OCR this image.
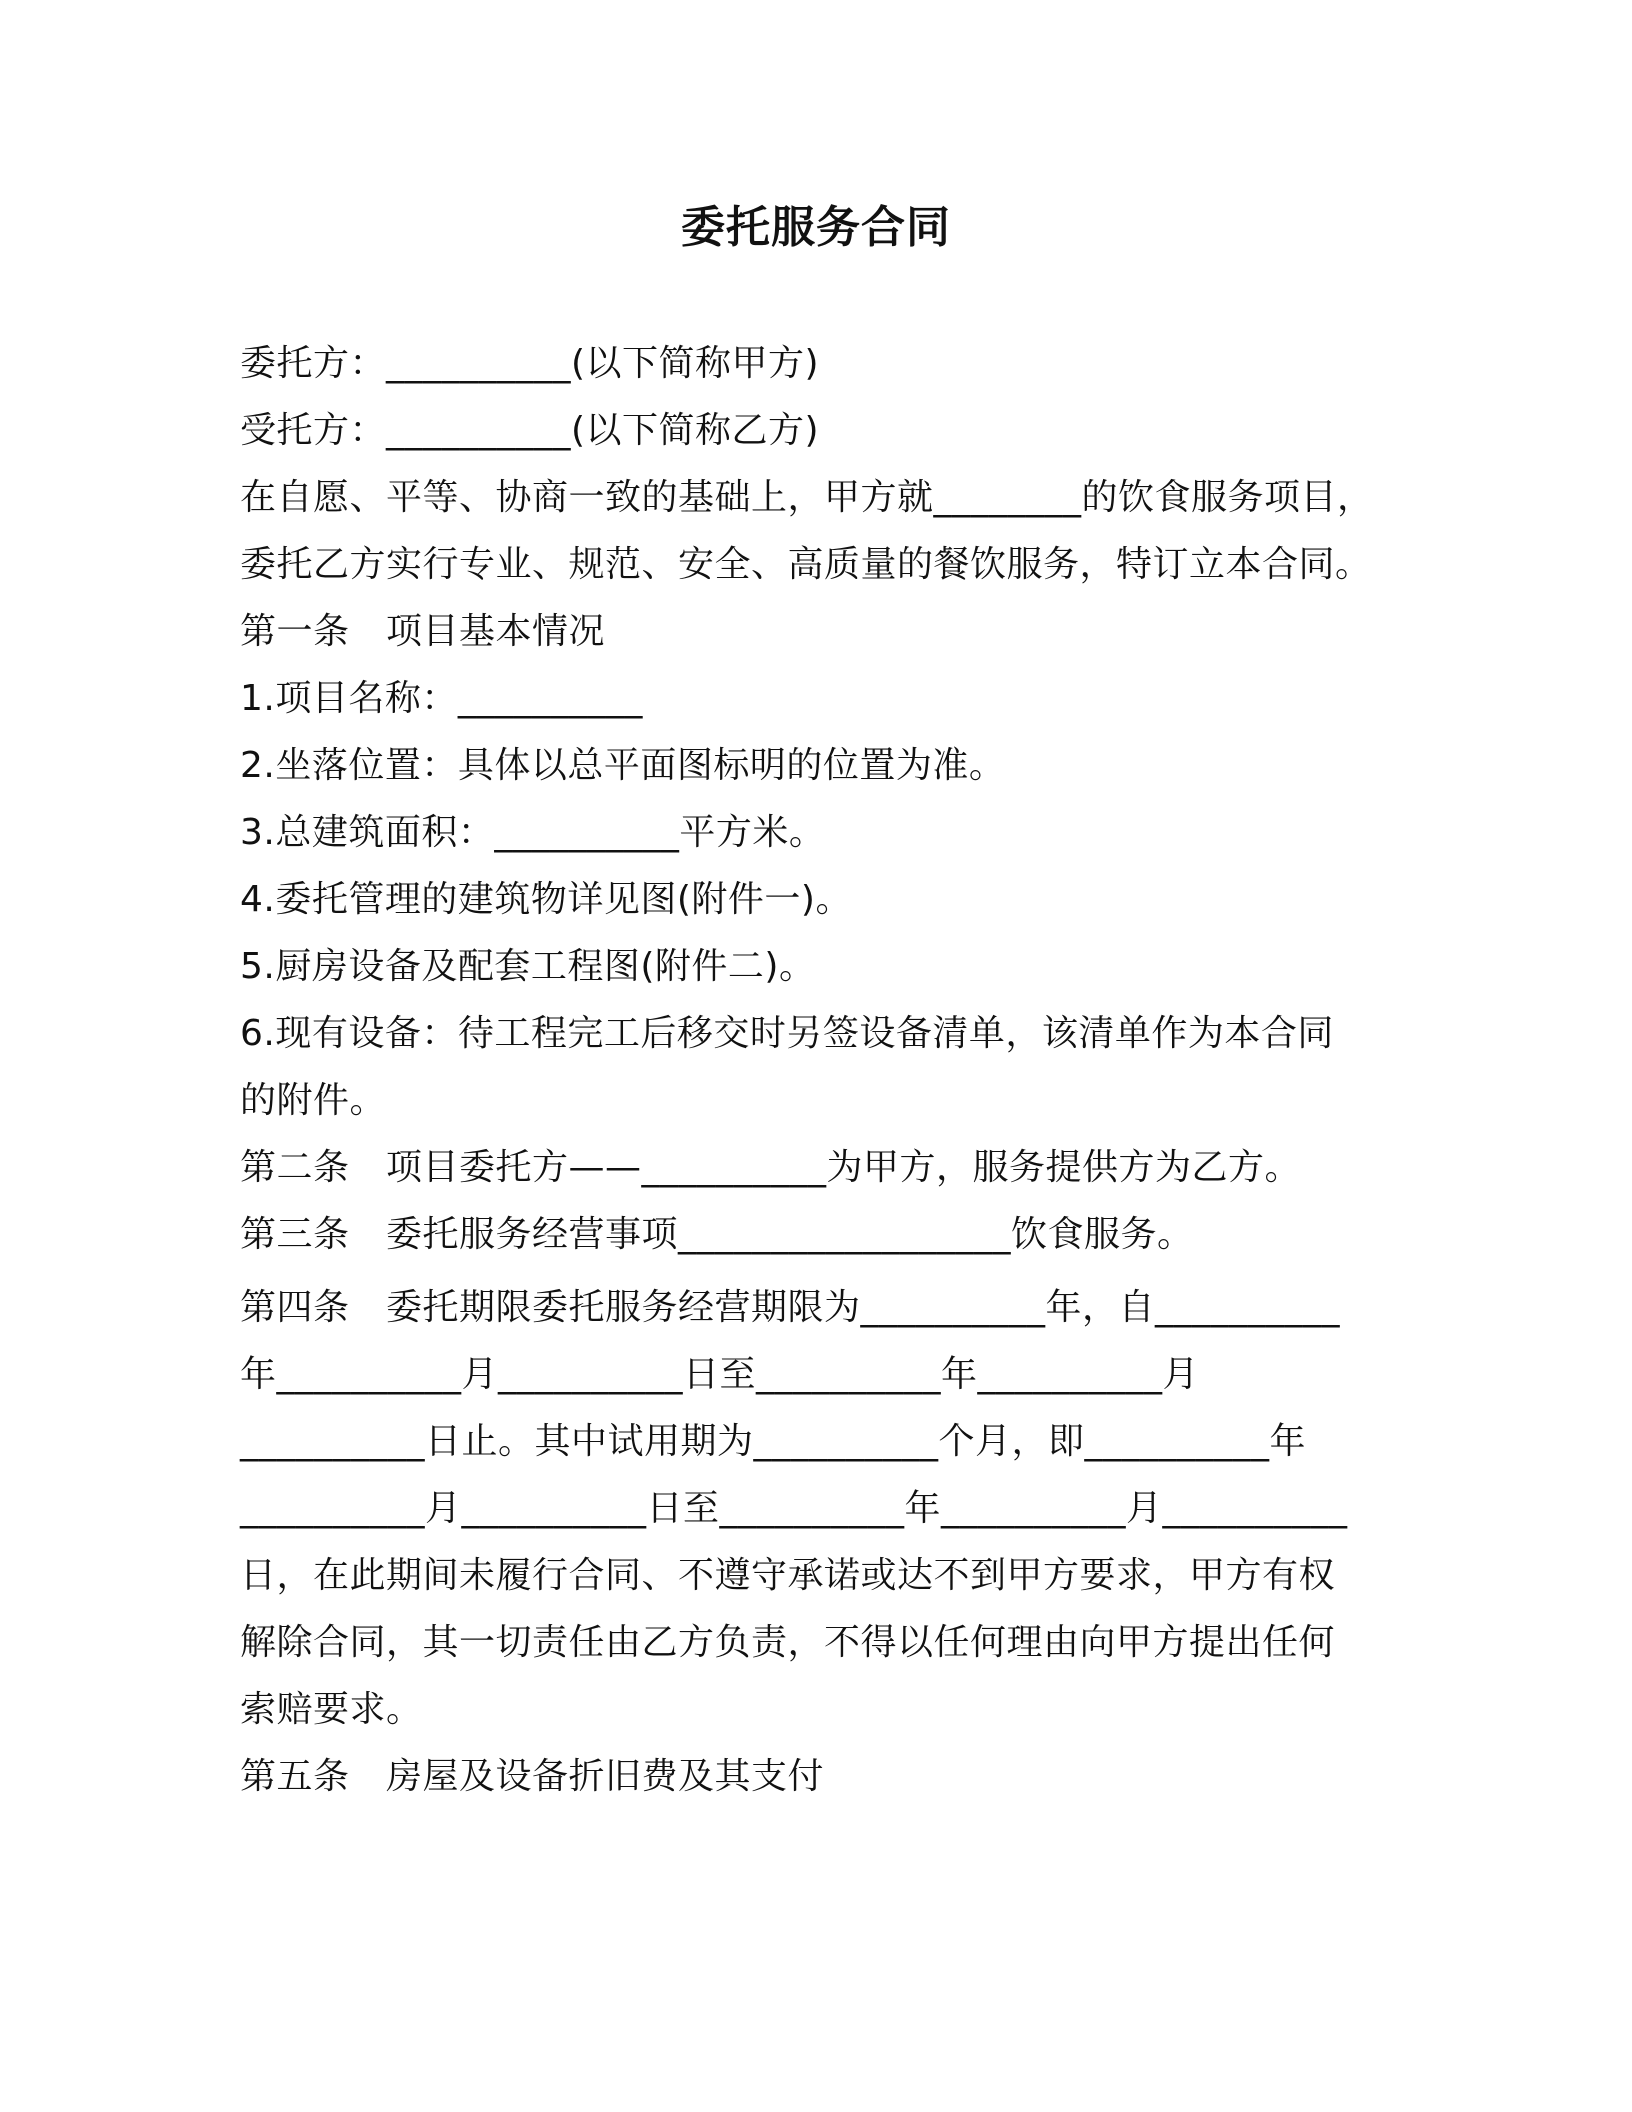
委托服务合同
委托方：__________(以下简称甲方)
受托方：__________(以下简称乙方)
在自愿、平等、协商一致的基础上，甲方就________的饮食服务项目，
委托乙方实行专业、规范、安全、高质量的餐饮服务，特订立本合同。
第一条　项目基本情况
1.项目名称：__________
2.坐落位置：具体以总平面图标明的位置为准。
3.总建筑面积：__________平方米。
4.委托管理的建筑物详见图(附件一)。
5.厨房设备及配套工程图(附件二)。
6.现有设备：待工程完工后移交时另签设备清单，该清单作为本合同
的附件。
第二条　项目委托方——__________为甲方，服务提供方为乙方。
第三条　委托服务经营事项__________________饮食服务。
第四条　委托期限委托服务经营期限为__________年，自__________
年__________月__________日至__________年__________月
__________日止。其中试用期为__________个月，即__________年
__________月__________日至__________年__________月__________
日，在此期间未履行合同、不遵守承诺或达不到甲方要求，甲方有权
解除合同，其一切责任由乙方负责，不得以任何理由向甲方提出任何
索赔要求。
第五条　房屋及设备折旧费及其支付
